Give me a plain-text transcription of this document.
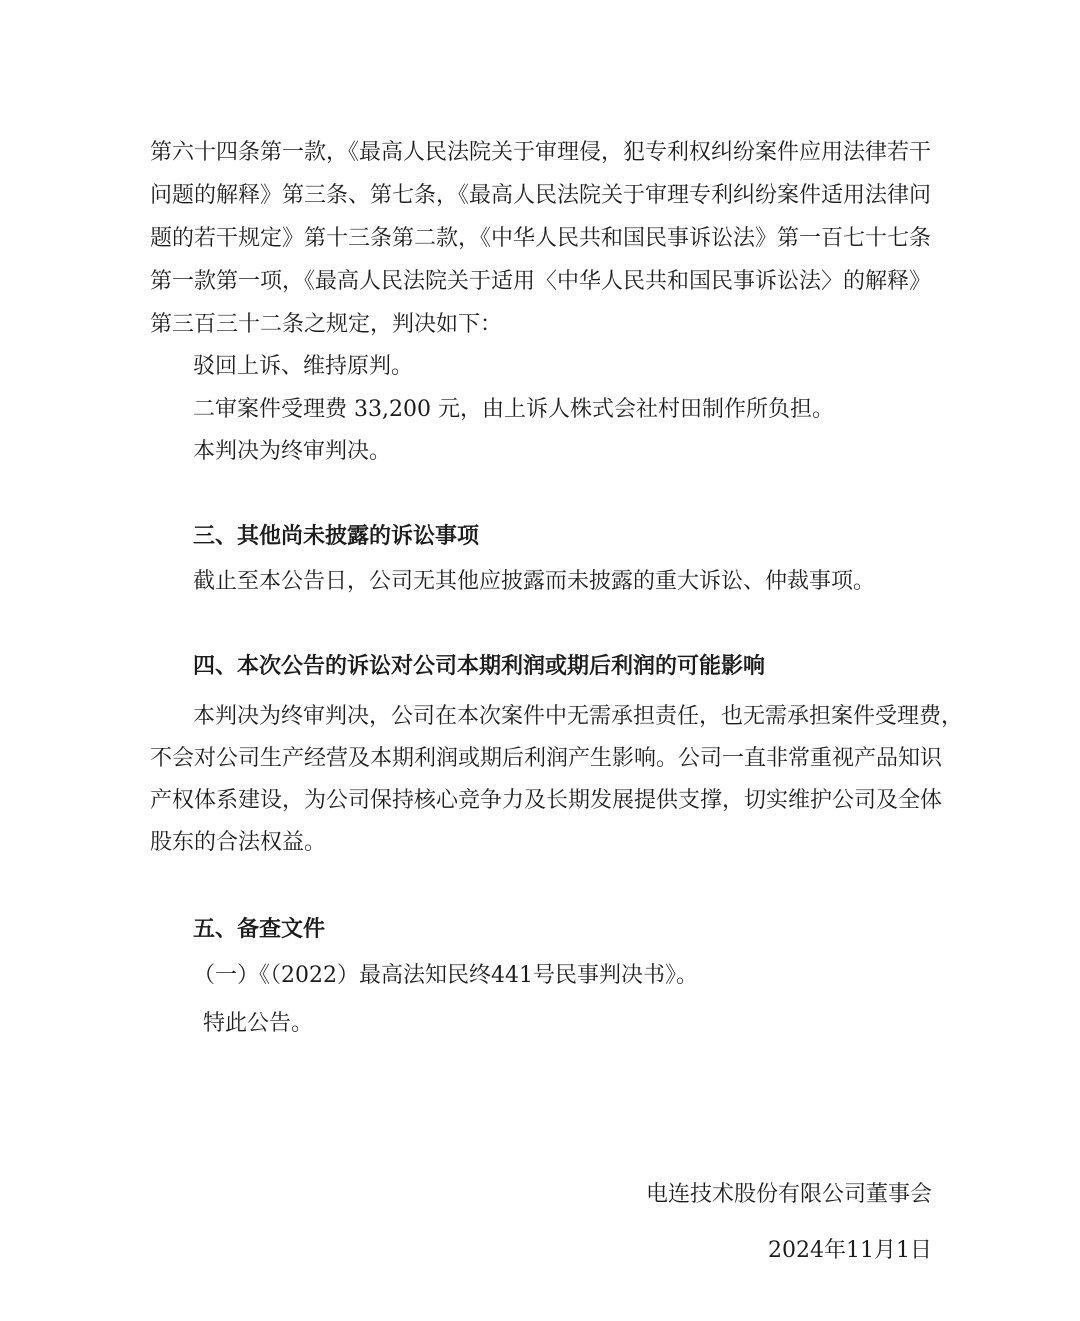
第六十四条第一款，《最高人民法院关于审理侵，犯专利权纠纷案件应用法律若干
问题的解释》第三条、第七条，《最高人民法院关于审理专利纠纷案件适用法律问
题的若干规定》第十三条第二款，《中华人民共和国民事诉讼法》第一百七十七条
第一款第一项，《最高人民法院关于适用〈中华人民共和国民事诉讼法〉的解释》
第三百三十二条之规定，判决如下：
驳回上诉、维持原判。
二审案件受理费 33,200 元，由上诉人株式会社村田制作所负担。
本判决为终审判决。
三、其他尚未披露的诉讼事项
截止至本公告日，公司无其他应披露而未披露的重大诉讼、仲裁事项。
四、本次公告的诉讼对公司本期利润或期后利润的可能影响
本判决为终审判决，公司在本次案件中无需承担责任，也无需承担案件受理费，
不会对公司生产经营及本期利润或期后利润产生影响。公司一直非常重视产品知识
产权体系建设，为公司保持核心竞争力及长期发展提供支撑，切实维护公司及全体
股东的合法权益。
五、备查文件
（一）《（2022）最高法知民终441号民事判决书》。
特此公告。
电连技术股份有限公司董事会
2024年11月1日
